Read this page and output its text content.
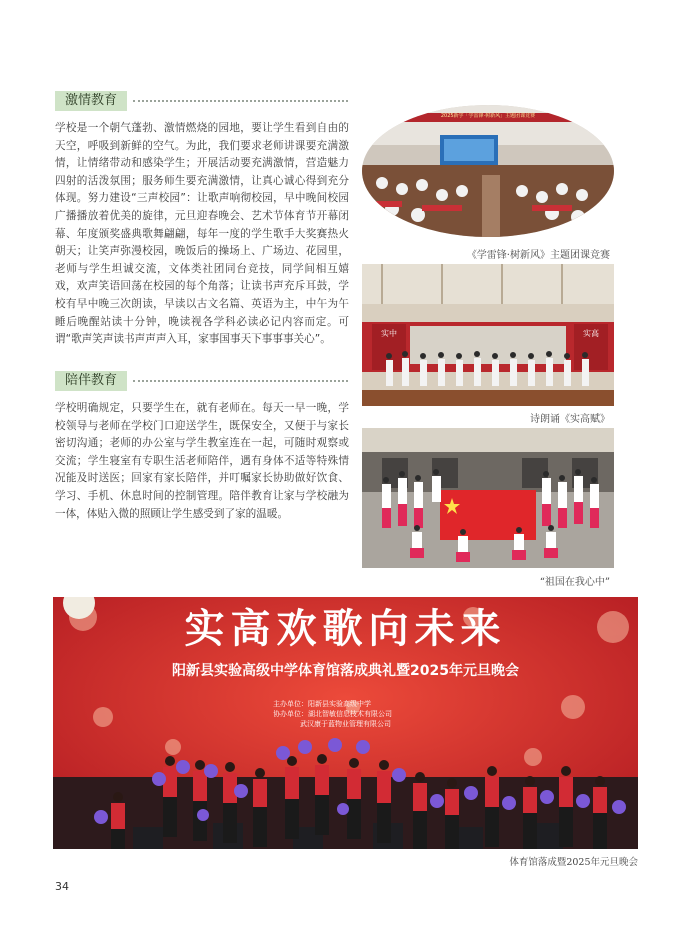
激情教育

学校是一个朝气蓬勃、激情燃烧的园地，要让学生看到自由的天空，呼吸到新鲜的空气。为此，我们要求老师讲课要充满激情，让情绪带动和感染学生；开展活动要充满激情，营造魅力四射的活泼氛围；服务师生要充满激情，让真心诚心得到充分体现。努力建设“三声校园”：让歌声响彻校园，早中晚间校园广播播放着优美的旋律，元旦迎春晚会、艺术节体育节开幕闭幕、年度颁奖盛典歌舞翩翩，每年一度的学生歌手大奖赛热火朝天；让笑声弥漫校园，晚饭后的操场上、广场边、花园里，老师与学生坦诚交流，文体类社团同台竞技，同学间相互嬉戏，欢声笑语回荡在校园的每个角落；让读书声充斥耳鼓，学校有早中晚三次朗读，早读以古文名篇、英语为主，中午为午睡后晚醒站读十分钟，晚读视各学科必读必记内容而定。可谓“歌声笑声读书声声声入耳，家事国事天下事事事关心”。

陪伴教育

学校明确规定，只要学生在，就有老师在。每天一早一晚，学校领导与老师在学校门口迎送学生，既保安全，又便于与家长密切沟通；老师的办公室与学生教室连在一起，可随时观察或交流；学生寝室有专职生活老师陪伴，遇有身体不适等特殊情况能及时送医；回家有家长陪伴，并叮嘱家长协助做好饮食、学习、手机、休息时间的控制管理。陪伴教育让家与学校融为一体，体贴入微的照顾让学生感受到了家的温暖。

2025新学「学雷锋·树新风」主题团课竞赛
《学雷锋·树新风》主题团课竞赛
实中	实高
诗朗诵《实高赋》
“祖国在我心中”
实高欢歌向未来
阳新县实验高级中学体育馆落成典礼暨2025年元旦晚会
主办单位：阳新县实验高级中学
协办单位：湖北智敏信息技术有限公司
武汉康于蓝物业管理有限公司
体育馆落成暨2025年元旦晚会
34
